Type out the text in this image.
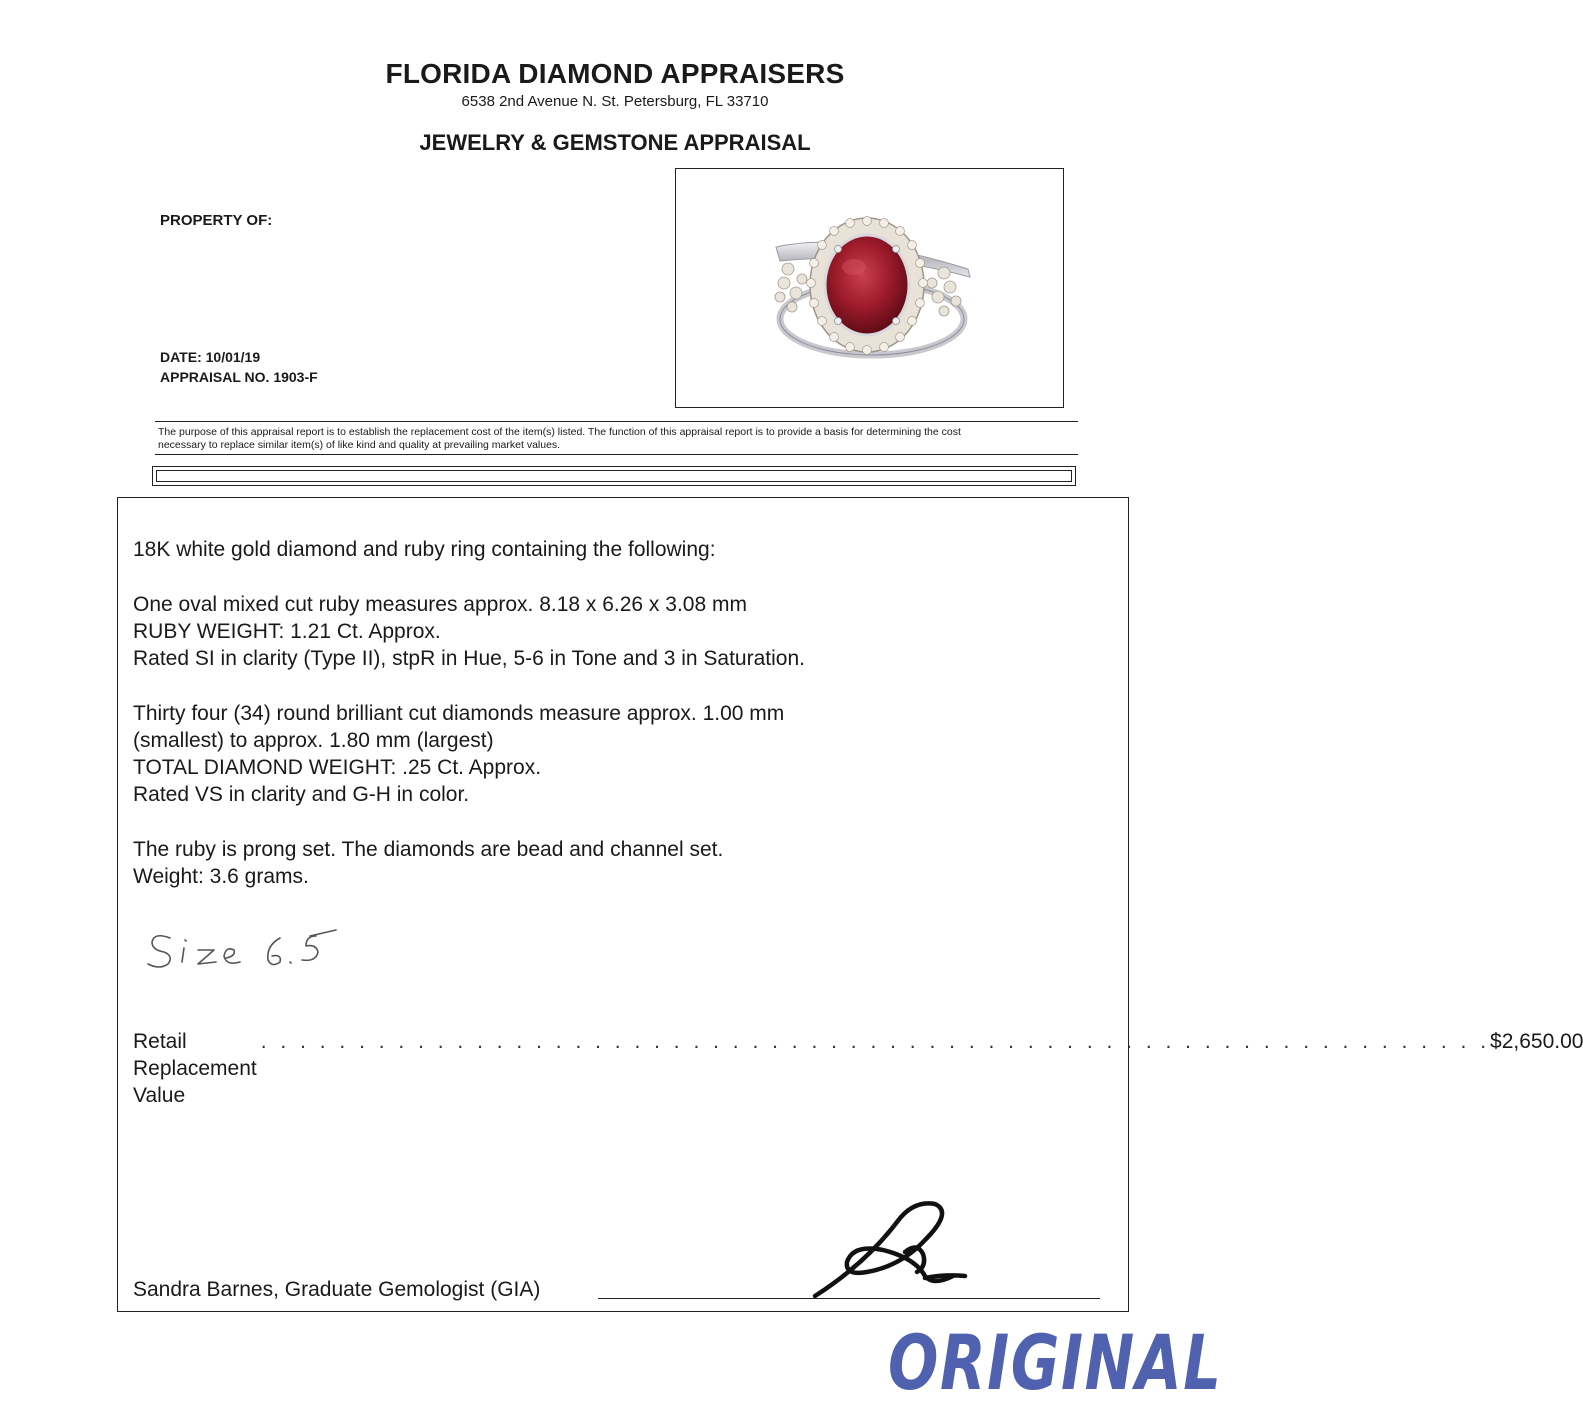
FLORIDA DIAMOND APPRAISERS
6538 2nd Avenue N. St. Petersburg, FL 33710
JEWELRY & GEMSTONE APPRAISAL
PROPERTY OF:
DATE: 10/01/19
APPRAISAL NO. 1903-F
The purpose of this appraisal report is to establish the replacement cost of the item(s) listed. The function of this appraisal report is to provide a basis for determining the cost
necessary to replace similar item(s) of like kind and quality at prevailing market values.
18K white gold diamond and ruby ring containing the following:
One oval mixed cut ruby measures approx. 8.18 x 6.26 x 3.08 mm
RUBY WEIGHT: 1.21 Ct. Approx.
Rated SI in clarity (Type II), stpR in Hue, 5-6 in Tone and 3 in Saturation.
Thirty four (34) round brilliant cut diamonds measure approx. 1.00 mm
(smallest) to approx. 1.80 mm (largest)
TOTAL DIAMOND WEIGHT: .25 Ct. Approx.
Rated VS in clarity and G-H in color.
The ruby is prong set. The diamonds are bead and channel set.
Weight: 3.6 grams.
Retail Replacement Value
. . . . . . . . . . . . . . . . . . . . . . . . . . . . . . . . . . . . . . . . . . . . . . . . . . . . . . . . . . . . . . . $2,650.00
Sandra Barnes, Graduate Gemologist (GIA)
ORIGINAL
